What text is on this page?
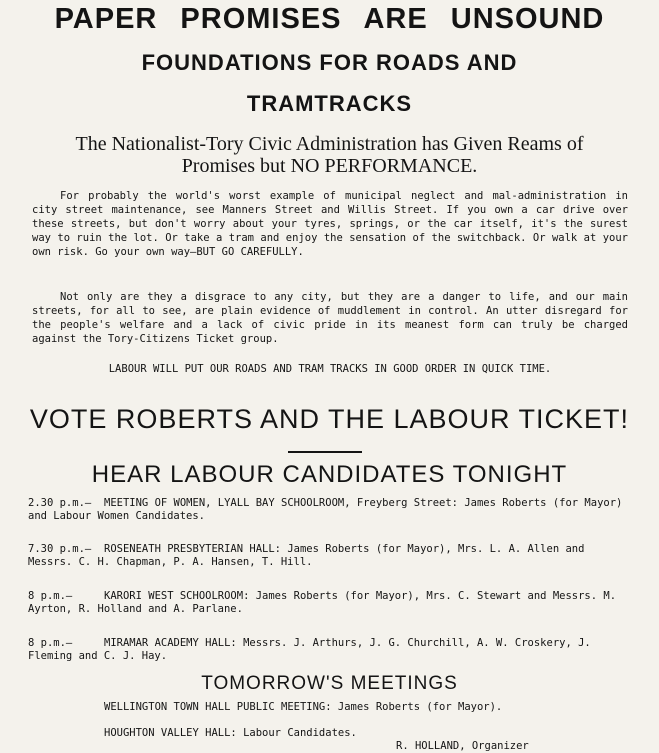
PAPER PROMISES ARE UNSOUND
FOUNDATIONS FOR ROADS AND
TRAMTRACKS
The Nationalist-Tory Civic Administration has Given Reams of
Promises but NO PERFORMANCE.

For probably the world's worst example of municipal neglect and mal-administration in city street maintenance, see Manners Street and Willis Street. If you own a car drive over these streets, but don't worry about your tyres, springs, or the car itself, it's the surest way to ruin the lot. Or take a tram and enjoy the sensation of the switchback. Or walk at your own risk. Go your own way—BUT GO CAREFULLY.

Not only are they a disgrace to any city, but they are a danger to life, and our main streets, for all to see, are plain evidence of muddlement in control. An utter disregard for the people's welfare and a lack of civic pride in its meanest form can truly be charged against the Tory-Citizens Ticket group.

LABOUR WILL PUT OUR ROADS AND TRAM TRACKS IN GOOD ORDER IN QUICK TIME.

VOTE ROBERTS AND THE LABOUR TICKET!
HEAR LABOUR CANDIDATES TONIGHT
2.30 p.m.— MEETING OF WOMEN, LYALL BAY SCHOOLROOM, Freyberg Street: James Roberts (for Mayor) and Labour Women Candidates.
7.30 p.m.— ROSENEATH PRESBYTERIAN HALL: James Roberts (for Mayor), Mrs. L. A. Allen and Messrs. C. H. Chapman, P. A. Hansen, T. Hill.
8 p.m.—	KARORI WEST SCHOOLROOM: James Roberts (for Mayor), Mrs. C. Stewart and Messrs. M. Ayrton, R. Holland and A. Parlane.
8 p.m.—	MIRAMAR ACADEMY HALL: Messrs. J. Arthurs, J. G. Churchill, A. W. Croskery, J. Fleming and C. J. Hay.
TOMORROW'S MEETINGS
WELLINGTON TOWN HALL PUBLIC MEETING: James Roberts (for Mayor).
HOUGHTON VALLEY HALL: Labour Candidates.
R. HOLLAND, Organizer
